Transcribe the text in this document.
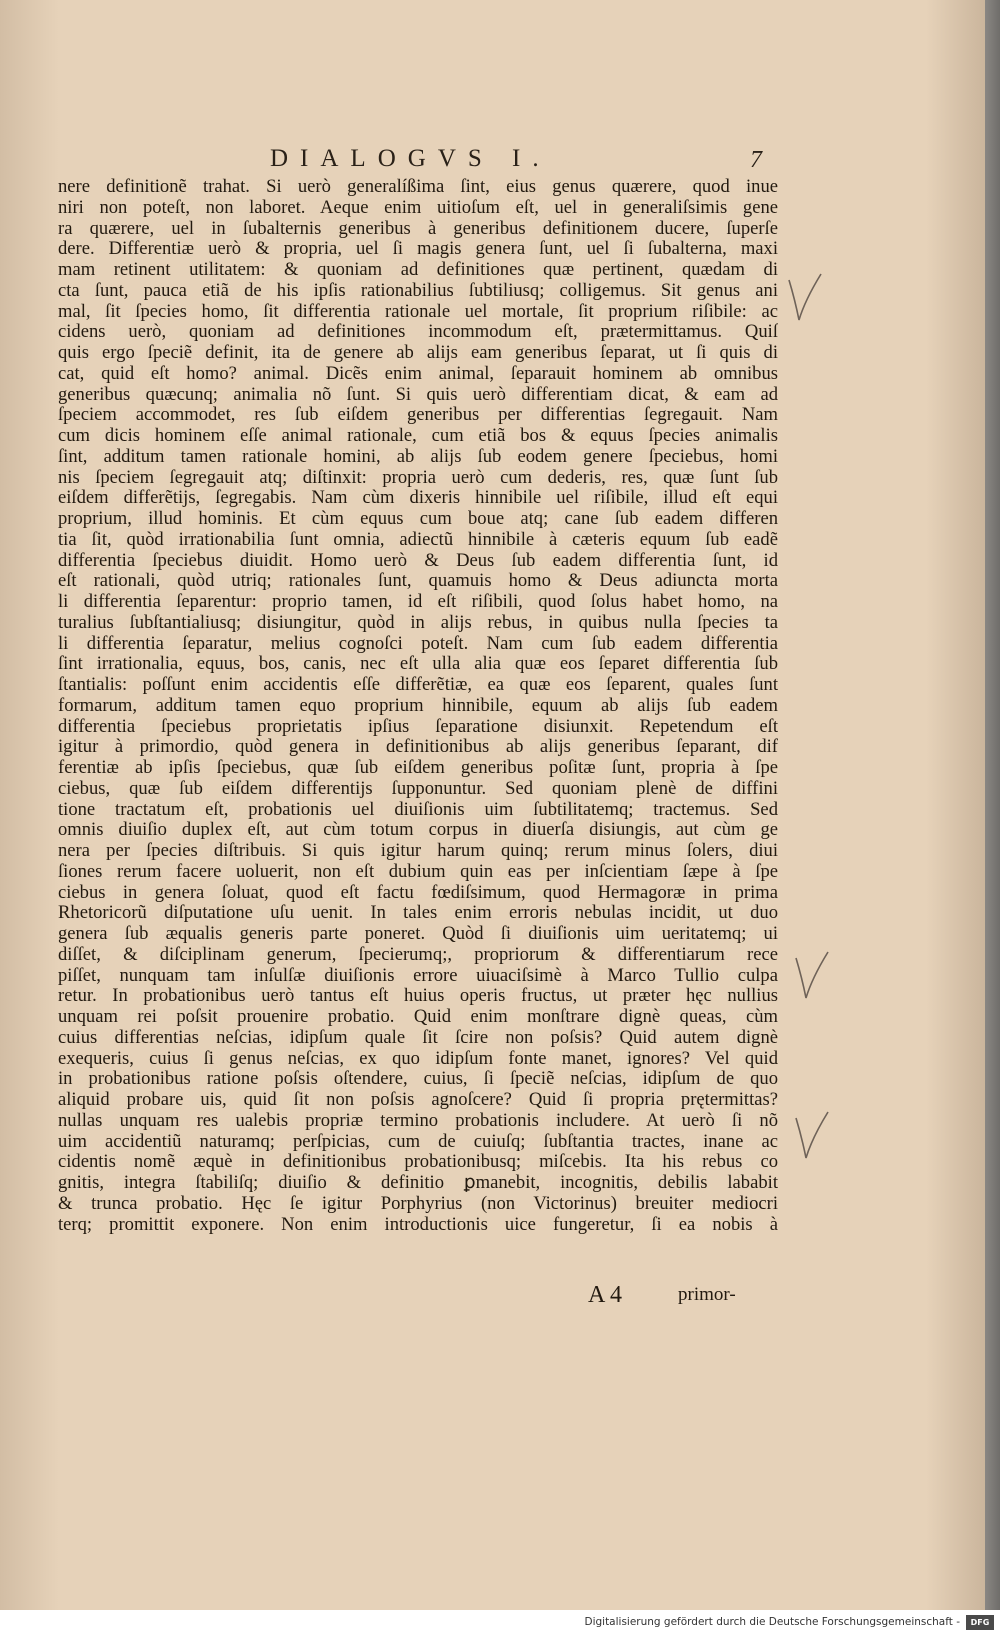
DIALOGVS I.	7
nere definitionẽ trahat. Si uerò generalíßima ſint, eius genus quærere, quod inue
niri non poteſt, non laboret. Aeque enim uitioſum eſt, uel in generaliſsimis gene
ra quærere, uel in ſubalternis generibus à generibus definitionem ducere, ſuperſe
dere. Differentiæ uerò & propria, uel ſi magis genera ſunt, uel ſi ſubalterna, maxi
mam retinent utilitatem: & quoniam ad definitiones quæ pertinent, quædam di
cta ſunt, pauca etiã de his ipſis rationabilius ſubtiliusq; colligemus. Sit genus ani
mal, ſit ſpecies homo, ſit differentia rationale uel mortale, ſit proprium riſibile: ac
cidens uerò, quoniam ad definitiones incommodum eſt, prætermittamus. Quiſ
quis ergo ſpeciẽ definit, ita de genere ab alijs eam generibus ſeparat, ut ſi quis di
cat, quid eſt homo? animal. Dicẽs enim animal, ſeparauit hominem ab omnibus
generibus quæcunq; animalia nõ ſunt. Si quis uerò differentiam dicat, & eam ad
ſpeciem accommodet, res ſub eiſdem generibus per differentias ſegregauit. Nam
cum dicis hominem eſſe animal rationale, cum etiã bos & equus ſpecies animalis
ſint, additum tamen rationale homini, ab alijs ſub eodem genere ſpeciebus, homi
nis ſpeciem ſegregauit atq; diſtinxit: propria uerò cum dederis, res, quæ ſunt ſub
eiſdem differẽtijs, ſegregabis. Nam cùm dixeris hinnibile uel riſibile, illud eſt equi
proprium, illud hominis. Et cùm equus cum boue atq; cane ſub eadem differen
tia ſit, quòd irrationabilia ſunt omnia, adiectũ hinnibile à cæteris equum ſub eadẽ
differentia ſpeciebus diuidit. Homo uerò & Deus ſub eadem differentia ſunt, id
eſt rationali, quòd utriq; rationales ſunt, quamuis homo & Deus adiuncta morta
li differentia ſeparentur: proprio tamen, id eſt riſibili, quod ſolus habet homo, na
turalius ſubſtantialiusq; disiungitur, quòd in alijs rebus, in quibus nulla ſpecies ta
li differentia ſeparatur, melius cognoſci poteſt. Nam cum ſub eadem differentia
ſint irrationalia, equus, bos, canis, nec eſt ulla alia quæ eos ſeparet differentia ſub
ſtantialis: poſſunt enim accidentis eſſe differẽtiæ, ea quæ eos ſeparent, quales ſunt
formarum, additum tamen equo proprium hinnibile, equum ab alijs ſub eadem
differentia ſpeciebus proprietatis ipſius ſeparatione disiunxit. Repetendum eſt
igitur à primordio, quòd genera in definitionibus ab alijs generibus ſeparant, dif
ferentiæ ab ipſis ſpeciebus, quæ ſub eiſdem generibus poſitæ ſunt, propria à ſpe
ciebus, quæ ſub eiſdem differentijs ſupponuntur. Sed quoniam plenè de diffini
tione tractatum eſt, probationis uel diuiſionis uim ſubtilitatemq; tractemus. Sed
omnis diuiſio duplex eſt, aut cùm totum corpus in diuerſa disiungis, aut cùm ge
nera per ſpecies diſtribuis. Si quis igitur harum quinq; rerum minus ſolers, diui
ſiones rerum facere uoluerit, non eſt dubium quin eas per inſcientiam ſæpe à ſpe
ciebus in genera ſoluat, quod eſt factu fœdiſsimum, quod Hermagoræ in prima
Rhetoricorũ diſputatione uſu uenit. In tales enim erroris nebulas incidit, ut duo
genera ſub æqualis generis parte poneret. Quòd ſi diuiſionis uim ueritatemq; ui
diſſet, & diſciplinam generum, ſpecierumq;, propriorum & differentiarum rece
piſſet, nunquam tam inſulſæ diuiſionis errore uiuaciſsimè à Marco Tullio culpa
retur. In probationibus uerò tantus eſt huius operis fructus, ut præter hęc nullius
unquam rei poſsit prouenire probatio. Quid enim monſtrare dignè queas, cùm
cuius differentias neſcias, idipſum quale ſit ſcire non poſsis? Quid autem dignè
exequeris, cuius ſi genus neſcias, ex quo idipſum fonte manet, ignores? Vel quid
in probationibus ratione poſsis oſtendere, cuius, ſi ſpeciẽ neſcias, idipſum de quo
aliquid probare uis, quid ſit non poſsis agnoſcere? Quid ſi propria prętermittas?
nullas unquam res ualebis propriæ termino probationis includere. At uerò ſi nõ
uim accidentiũ naturamq; perſpicias, cum de cuiuſq; ſubſtantia tractes, inane ac
cidentis nomẽ æquè in definitionibus probationibusq; miſcebis. Ita his rebus co
gnitis, integra ſtabiliſq; diuiſio & definitio ꝑmanebit, incognitis, debilis lababit
& trunca probatio. Hęc ſe igitur Porphyrius (non Victorinus) breuiter mediocri
terq; promittit exponere. Non enim introductionis uice fungeretur, ſi ea nobis à
A 4	primor-
Digitalisierung gefördert durch die Deutsche Forschungsgemeinschaft -	DFG
